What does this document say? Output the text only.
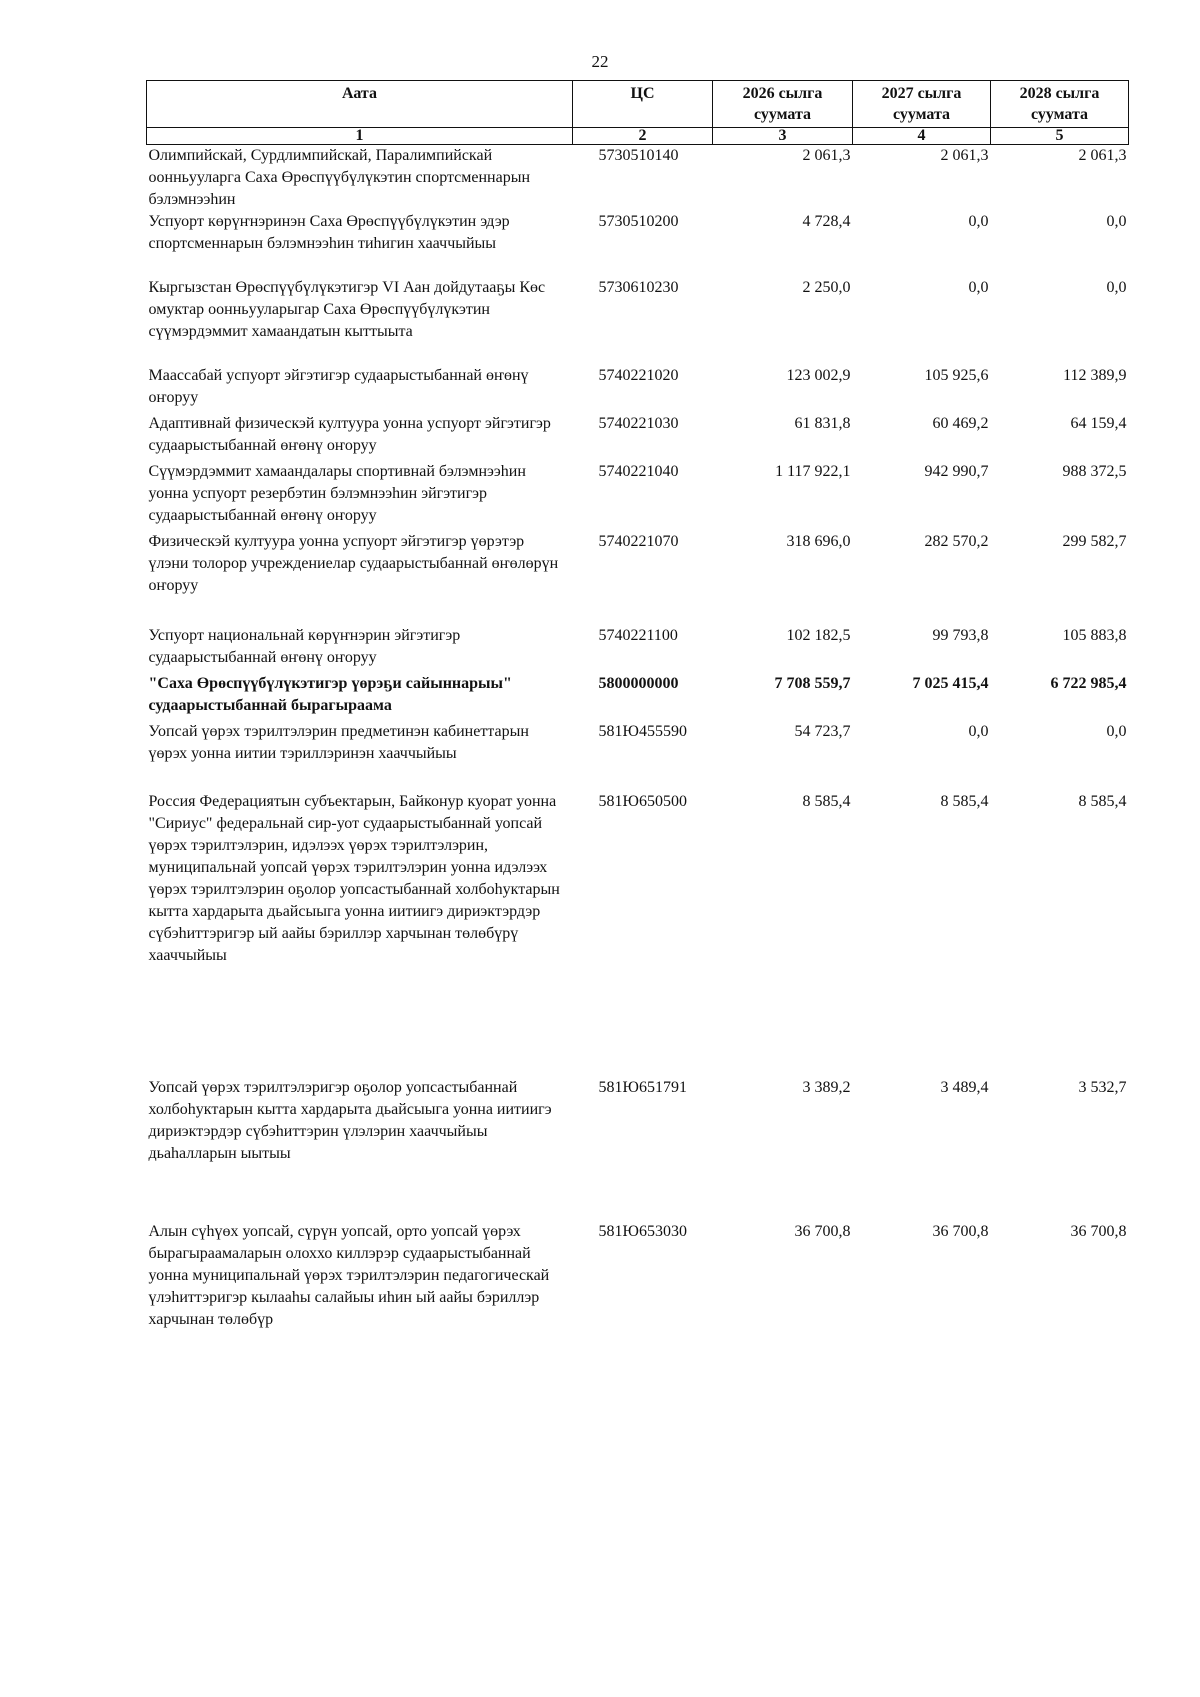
22
Аата	ЦС	2026 сылга суумата	2027 сылга суумата	2028 сылга суумата
1	2	3	4	5
Олимпийскай, Сурдлимпийскай, Паралимпийскай оонньууларга Саха Өрөспүүбүлүкэтин спортсменнарын бэлэмнээһин	5730510140	2 061,3	2 061,3	2 061,3
Успуорт көрүҥнэринэн Саха Өрөспүүбүлүкэтин эдэр спортсменнарын бэлэмнээһин тиһигин хааччыйыы	5730510200	4 728,4	0,0	0,0
Кыргызстан Өрөспүүбүлүкэтигэр VI Аан дойдутааҕы Көс омуктар оонньууларыгар Саха Өрөспүүбүлүкэтин сүүмэрдэммит хамаандатын кыттыыта	5730610230	2 250,0	0,0	0,0
Маассабай успуорт эйгэтигэр судаарыстыбаннай өҥөнү оҥоруу	5740221020	123 002,9	105 925,6	112 389,9
Адаптивнай физическэй култуура уонна успуорт эйгэтигэр судаарыстыбаннай өҥөнү оҥоруу	5740221030	61 831,8	60 469,2	64 159,4
Сүүмэрдэммит хамаандалары спортивнай бэлэмнээһин уонна успуорт резербэтин бэлэмнээһин эйгэтигэр судаарыстыбаннай өҥөнү оҥоруу	5740221040	1 117 922,1	942 990,7	988 372,5
Физическэй култуура уонна успуорт эйгэтигэр үөрэтэр үлэни толорор учреждениелар судаарыстыбаннай өҥөлөрүн оҥоруу	5740221070	318 696,0	282 570,2	299 582,7
Успуорт национальнай көрүҥнэрин эйгэтигэр судаарыстыбаннай өҥөнү оҥоруу	5740221100	102 182,5	99 793,8	105 883,8
"Саха Өрөспүүбүлүкэтигэр үөрэҕи сайыннарыы" судаарыстыбаннай бырагыраама	5800000000	7 708 559,7	7 025 415,4	6 722 985,4
Уопсай үөрэх тэрилтэлэрин предметинэн кабинеттарын үөрэх уонна иитии тэриллэринэн хааччыйыы	581Ю455590	54 723,7	0,0	0,0
Россия Федерациятын субъектарын, Байконур куорат уонна "Сириус" федеральнай сир-уот судаарыстыбаннай уопсай үөрэх тэрилтэлэрин, идэлээх үөрэх тэрилтэлэрин, муниципальнай уопсай үөрэх тэрилтэлэрин уонна идэлээх үөрэх тэрилтэлэрин оҕолор уопсастыбаннай холбоһуктарын кытта хардарыта дьайсыыга уонна иитиигэ дириэктэрдэр сүбэһиттэригэр ый аайы бэриллэр харчынан төлөбүрү хааччыйыы	581Ю650500	8 585,4	8 585,4	8 585,4
Уопсай үөрэх тэрилтэлэригэр оҕолор уопсастыбаннай холбоһуктарын кытта хардарыта дьайсыыга уонна иитиигэ дириэктэрдэр сүбэһиттэрин үлэлэрин хааччыйыы дьаһалларын ыытыы	581Ю651791	3 389,2	3 489,4	3 532,7
Алын сүһүөх уопсай, сүрүн уопсай, орто уопсай үөрэх бырагыраамаларын олоххо киллэрэр судаарыстыбаннай уонна муниципальнай үөрэх тэрилтэлэрин педагогическай үлэһиттэригэр кылааһы салайыы иһин ый аайы бэриллэр харчынан төлөбүр	581Ю653030	36 700,8	36 700,8	36 700,8
